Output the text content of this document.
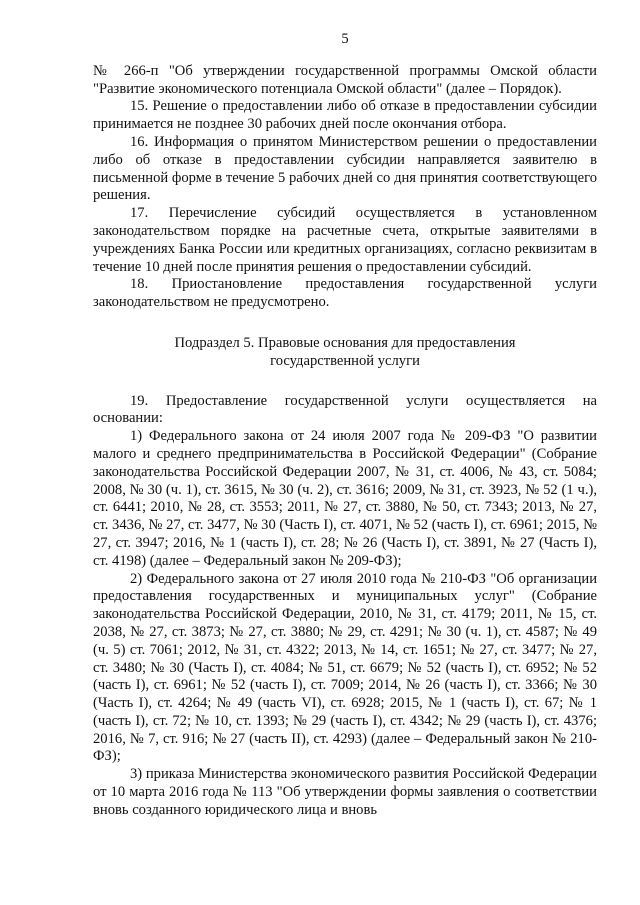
5

№ 266-п "Об утверждении государственной программы Омской области "Развитие экономического потенциала Омской области" (далее – Порядок).

15. Решение о предоставлении либо об отказе в предоставлении субсидии принимается не позднее 30 рабочих дней после окончания отбора.

16. Информация о принятом Министерством решении о предоставлении либо об отказе в предоставлении субсидии направляется заявителю в письменной форме в течение 5 рабочих дней со дня принятия соответствующего решения.

17. Перечисление субсидий осуществляется в установленном законодательством порядке на расчетные счета, открытые заявителями в учреждениях Банка России или кредитных организациях, согласно реквизитам в течение 10 дней после принятия решения о предоставлении субсидий.

18. Приостановление предоставления государственной услуги законодательством не предусмотрено.

Подраздел 5. Правовые основания для предоставления
государственной услуги

19. Предоставление государственной услуги осуществляется на основании:

1) Федерального закона от 24 июля 2007 года № 209-ФЗ "О развитии малого и среднего предпринимательства в Российской Федерации" (Собрание законодательства Российской Федерации 2007, № 31, ст. 4006, № 43, ст. 5084; 2008, № 30 (ч. 1), ст. 3615, № 30 (ч. 2), ст. 3616; 2009, № 31, ст. 3923, № 52 (1 ч.), ст. 6441; 2010, № 28, ст. 3553; 2011, № 27, ст. 3880, № 50, ст. 7343; 2013, № 27, ст. 3436, № 27, ст. 3477, № 30 (Часть I), ст. 4071, № 52 (часть I), ст. 6961; 2015, № 27, ст. 3947; 2016, № 1 (часть I), ст. 28; № 26 (Часть I), ст. 3891, № 27 (Часть I), ст. 4198) (далее – Федеральный закон № 209-ФЗ);

2) Федерального закона от 27 июля 2010 года № 210-ФЗ "Об организации предоставления государственных и муниципальных услуг" (Собрание законодательства Российской Федерации, 2010, № 31, ст. 4179; 2011, № 15, ст. 2038, № 27, ст. 3873; № 27, ст. 3880; № 29, ст. 4291; № 30 (ч. 1), ст. 4587; № 49 (ч. 5) ст. 7061; 2012, № 31, ст. 4322; 2013, № 14, ст. 1651; № 27, ст. 3477; № 27, ст. 3480; № 30 (Часть I), ст. 4084; № 51, ст. 6679; № 52 (часть I), ст. 6952; № 52 (часть I), ст. 6961; № 52 (часть I), ст. 7009; 2014, № 26 (часть I), ст. 3366; № 30 (Часть I), ст. 4264; № 49 (часть VI), ст. 6928; 2015, № 1 (часть I), ст. 67; № 1 (часть I), ст. 72; № 10, ст. 1393; № 29 (часть I), ст. 4342; № 29 (часть I), ст. 4376; 2016, № 7, ст. 916; № 27 (часть II), ст. 4293) (далее – Федеральный закон № 210-ФЗ);

3) приказа Министерства экономического развития Российской Федерации от 10 марта 2016 года № 113 "Об утверждении формы заявления о соответствии вновь созданного юридического лица и вновь
